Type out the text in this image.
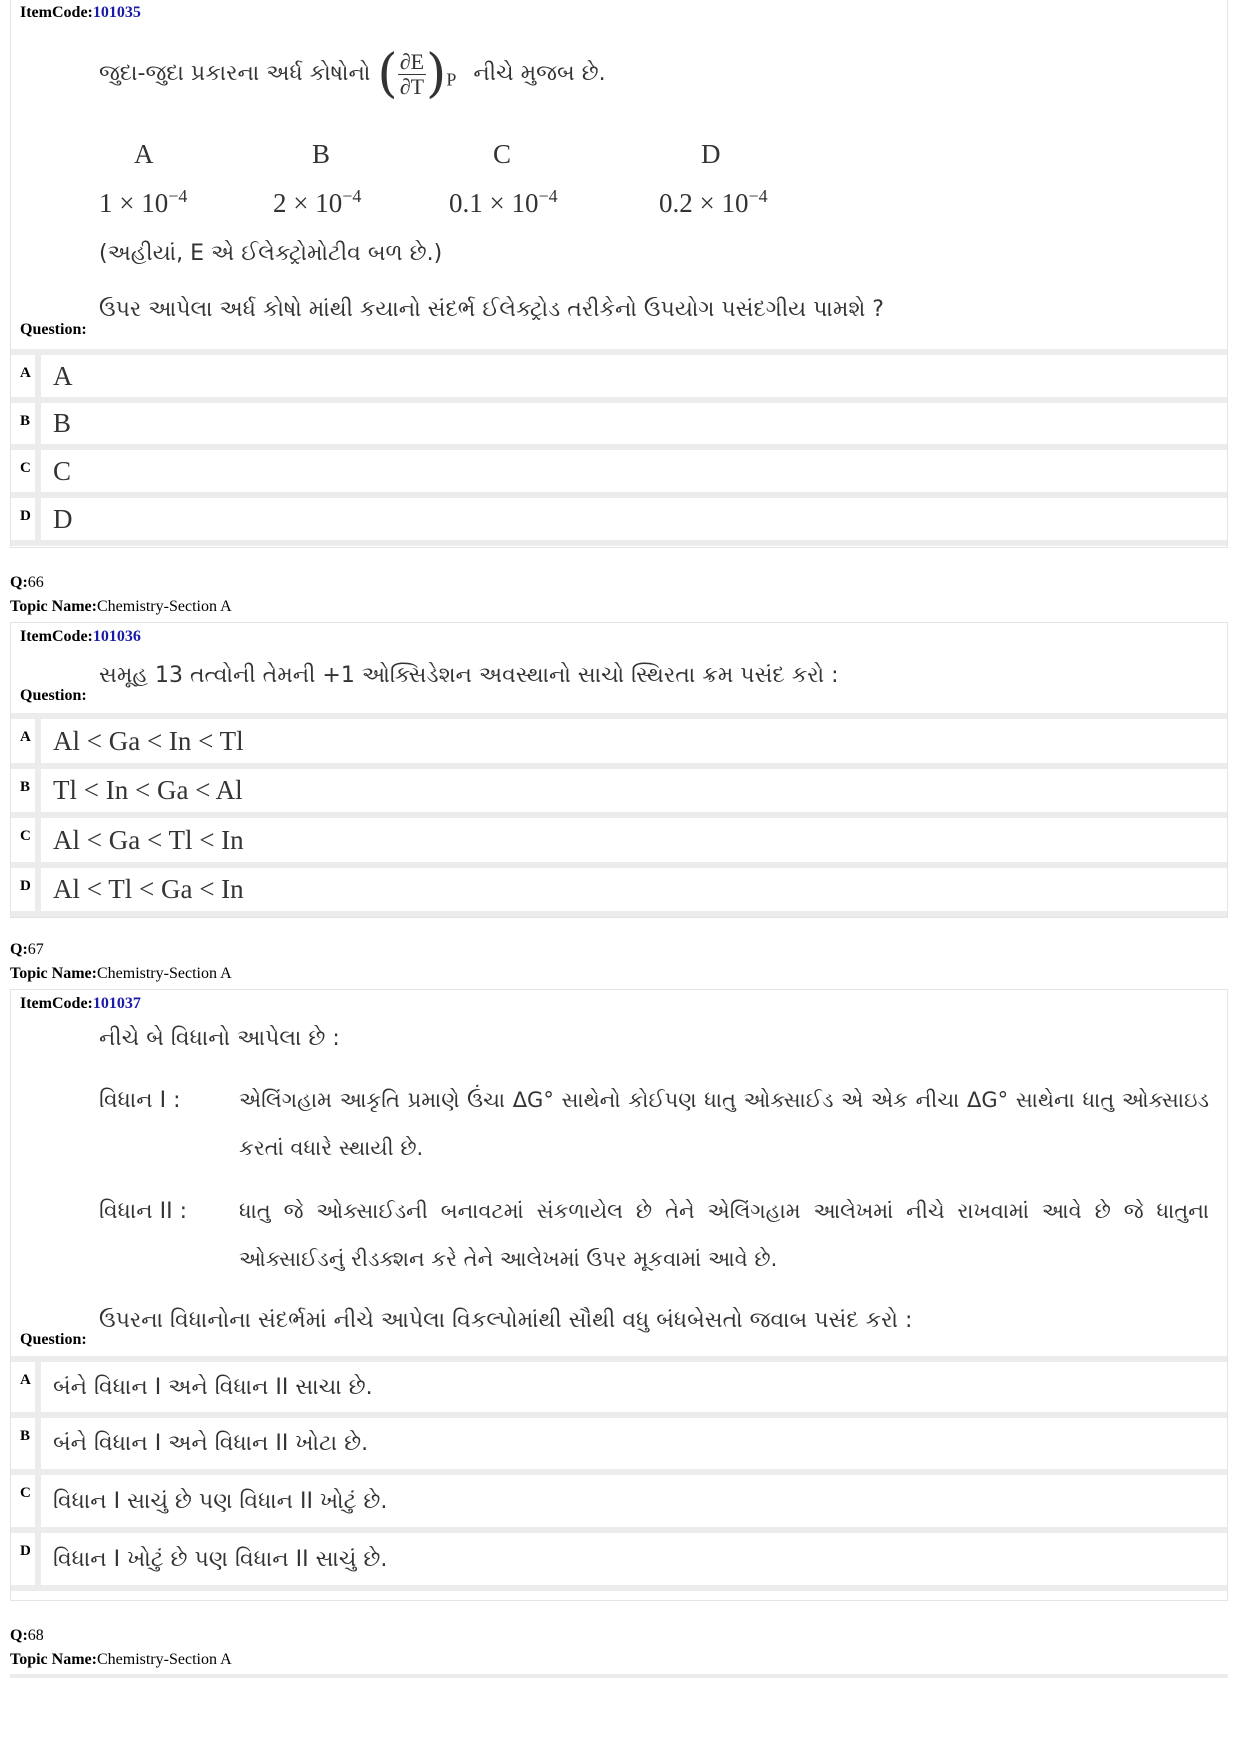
ItemCode:101035
જુદા-જુદા પ્રકારના અર્ધ કોષોનો ( $\frac{\partial E}{\partial T} )_P$ નીચે મુજબ છે.
A	B	C	D
$1 \times 10^{-4}$	$2 \times 10^{-4}$	$0.1 \times 10^{-4}$	$0.2 \times 10^{-4}$
(અહીયાં, E એ ઈલેક્ટ્રોમોટીવ બળ છે.)
ઉપર આપેલા અર્ધ કોષો માંથી કયાનો સંદર્ભ ઈલેક્ટ્રોડ તરીકેનો ઉપયોગ પસંદગીય પામશે ?
Question:
A A
B B
C C
D D
Q:66
Topic Name:Chemistry-Section A
ItemCode:101036
સમૂહ 13 તત્વોની તેમની +1 ઓક્સિડેશન અવસ્થાનો સાચો સ્થિરતા ક્રમ પસંદ કરો :
Question:
A Al < Ga < In < Tl
B Tl < In < Ga < Al
C Al < Ga < Tl < In
D Al < Tl < Ga < In
Q:67
Topic Name:Chemistry-Section A
ItemCode:101037
નીચે બે વિધાનો આપેલા છે :
વિધાન I :	એલિંગહામ આકૃતિ પ્રમાણે ઉંચા ΔG° સાથેનો કોઈપણ ધાતુ ઓક્સાઈડ એ એક નીચા ΔG° સાથેના ધાતુ ઓક્સાઇડ કરતાં વધારે સ્થાયી છે.
વિધાન II : ધાતુ જે ઓક્સાઈડની બનાવટમાં સંકળાયેલ છે તેને એલિંગહામ આલેખમાં નીચે રાખવામાં આવે છે જે ધાતુના ઓક્સાઈડનું રીડક્શન કરે તેને આલેખમાં ઉપર મૂકવામાં આવે છે.
ઉપરના વિધાનોના સંદર્ભમાં નીચે આપેલા વિકલ્પોમાંથી સૌથી વધુ બંધબેસતો જવાબ પસંદ કરો :
Question:
A	બંને વિધાન I અને વિધાન II સાચા છે.
B	બંને વિધાન I અને વિધાન II ખોટા છે.
C	વિધાન I સાચું છે પણ વિધાન II ખોટું છે.
D	વિધાન I ખોટું છે પણ વિધાન II સાચું છે.
Q:68
Topic Name:Chemistry-Section A
